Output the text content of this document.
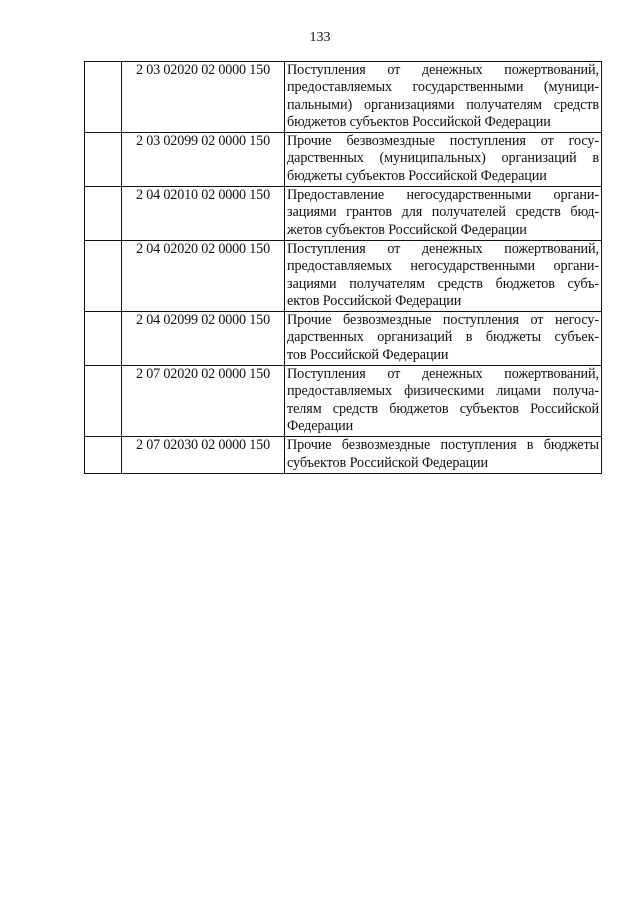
133
	2 03 02020 02 0000 150	Поступления от денежных пожертвований,
предоставляемых государственными (муници-
пальными) организациями получателям средств
бюджетов субъектов Российской Федерации

	2 03 02099 02 0000 150	Прочие безвозмездные поступления от госу-
дарственных (муниципальных) организаций в
бюджеты субъектов Российской Федерации

	2 04 02010 02 0000 150	Предоставление негосударственными органи-
зациями грантов для получателей средств бюд-
жетов субъектов Российской Федерации

	2 04 02020 02 0000 150	Поступления от денежных пожертвований,
предоставляемых негосударственными органи-
зациями получателям средств бюджетов субъ-
ектов Российской Федерации

	2 04 02099 02 0000 150	Прочие безвозмездные поступления от негосу-
дарственных организаций в бюджеты субъек-
тов Российской Федерации

	2 07 02020 02 0000 150	Поступления от денежных пожертвований,
предоставляемых физическими лицами получа-
телям средств бюджетов субъектов Российской
Федерации

	2 07 02030 02 0000 150	Прочие безвозмездные поступления в бюджеты
субъектов Российской Федерации
